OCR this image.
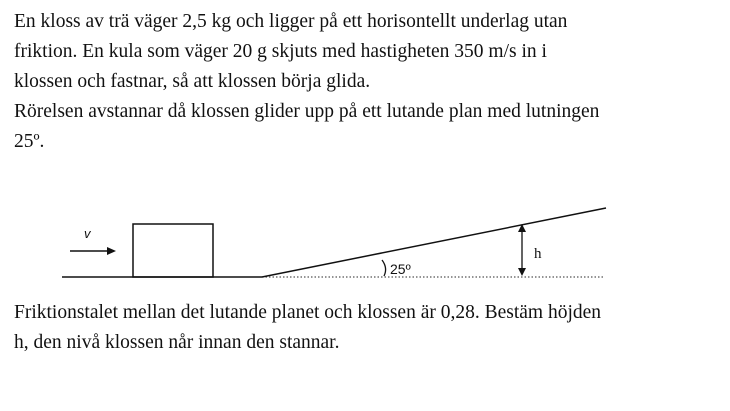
En kloss av trä väger 2,5 kg och ligger på ett horisontellt underlag utan
friktion. En kula som väger 20 g skjuts med hastigheten 350 m/s in i
klossen och fastnar, så att klossen börja glida.
Rörelsen avstannar då klossen glider upp på ett lutande plan med lutningen
25º.
v
25º
h
Friktionstalet mellan det lutande planet och klossen är 0,28. Bestäm höjden
h, den nivå klossen når innan den stannar.
